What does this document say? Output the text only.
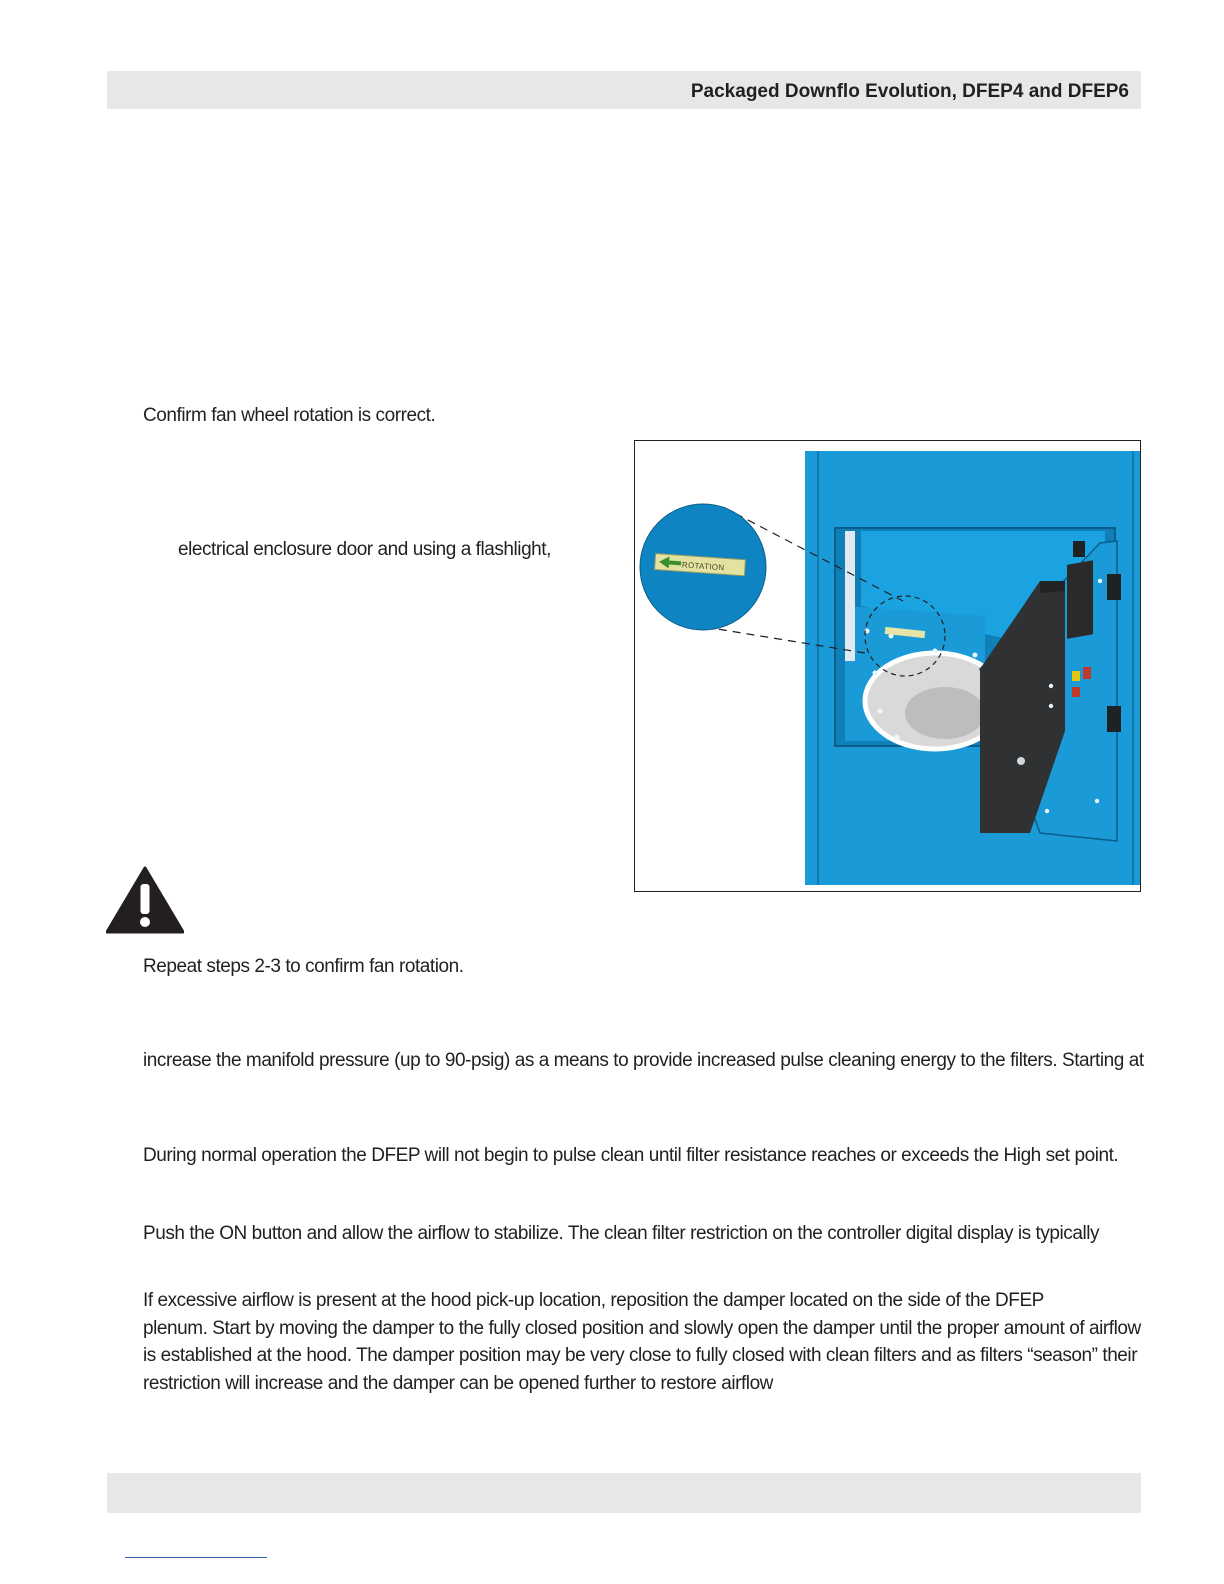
Packaged Downflo Evolution, DFEP4 and DFEP6
Confirm fan wheel rotation is correct.
electrical enclosure door and using a flashlight,
ROTATION
Repeat steps 2-3 to confirm fan rotation.
increase the manifold pressure (up to 90-psig) as a means to provide increased pulse cleaning energy to the filters. Starting at
During normal operation the DFEP will not begin to pulse clean until filter resistance reaches or exceeds the High set point.
Push the ON button and allow the airflow to stabilize. The clean filter restriction on the controller digital display is typically
If excessive airflow is present at the hood pick-up location, reposition the damper located on the side of the DFEP
plenum. Start by moving the damper to the fully closed position and slowly open the damper until the proper amount of airflow
is established at the hood. The damper position may be very close to fully closed with clean filters and as filters “season” their
restriction will increase and the damper can be opened further to restore airflow
